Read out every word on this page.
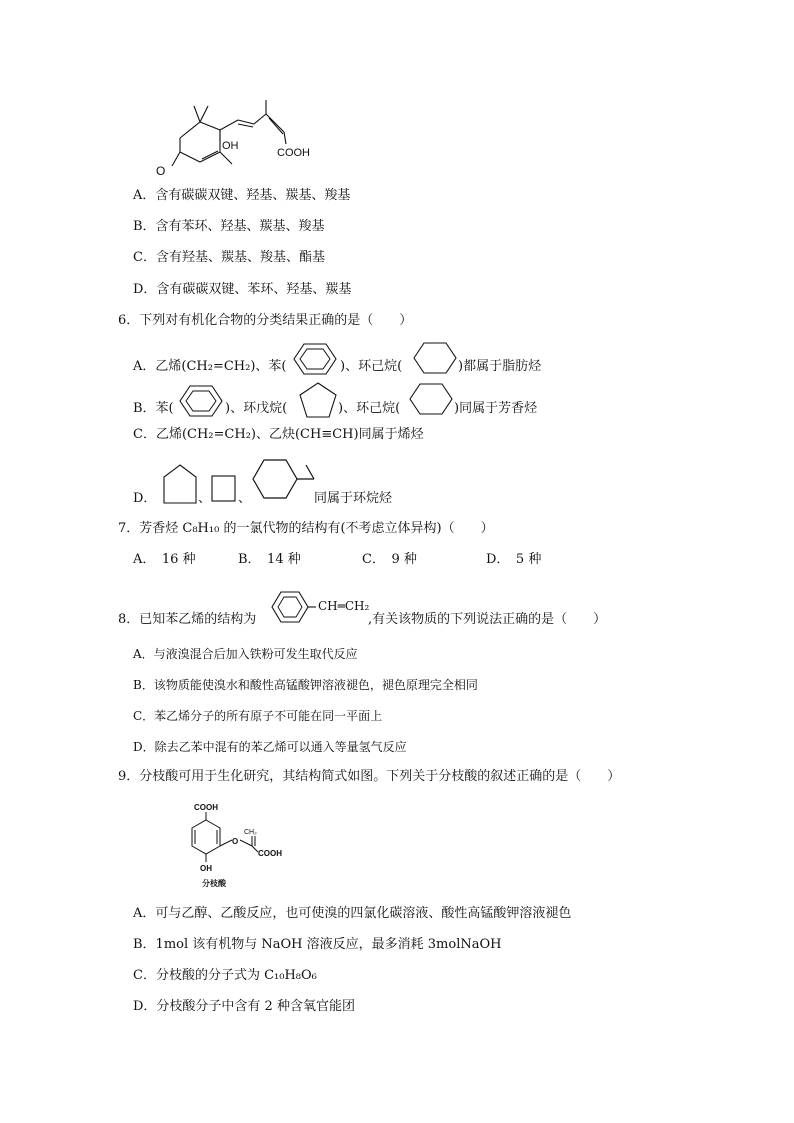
OH
COOH
O
A．含有碳碳双键、羟基、羰基、羧基
B．含有苯环、羟基、羰基、羧基
C．含有羟基、羰基、羧基、酯基
D．含有碳碳双键、苯环、羟基、羰基
6．下列对有机化合物的分类结果正确的是（　　）
A．乙烯(CH₂=CH₂)、苯(	)、环己烷(	)都属于脂肪烃
B．苯(	)、环戊烷(	)、环己烷(	)同属于芳香烃
C．乙烯(CH₂=CH₂)、乙炔(CH≡CH)同属于烯烃
D．	、 、	同属于环烷烃
7．芳香烃 C₈H₁₀ 的一氯代物的结构有(不考虑立体异构)（　　）
A．　16 种	B．　14 种	C．　9 种	D．　5 种
8．已知苯乙烯的结构为
CH═CH₂
,有关该物质的下列说法正确的是（　　）
A．与液溴混合后加入铁粉可发生取代反应
B．该物质能使溴水和酸性高锰酸钾溶液褪色，褪色原理完全相同
C．苯乙烯分子的所有原子不可能在同一平面上
D．除去乙苯中混有的苯乙烯可以通入等量氢气反应
9．分枝酸可用于生化研究，其结构简式如图。下列关于分枝酸的叙述正确的是（　　）
COOH
CH₂
O
COOH
OH
分枝酸
A．可与乙醇、乙酸反应，也可使溴的四氯化碳溶液、酸性高锰酸钾溶液褪色
B．1mol 该有机物与 NaOH 溶液反应，最多消耗 3molNaOH
C．分枝酸的分子式为 C₁₀H₈O₆
D．分枝酸分子中含有 2 种含氧官能团
